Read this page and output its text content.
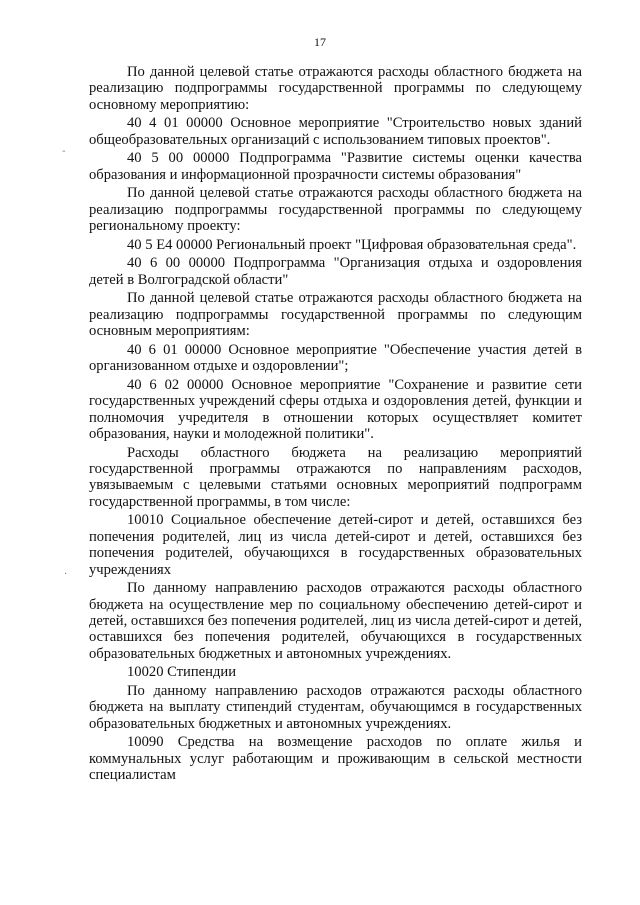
17
-
.

По данной целевой статье отражаются расходы областного бюджета на реализацию подпрограммы государственной программы по следующему основному мероприятию:

40 4 01 00000 Основное мероприятие "Строительство новых зданий общеобразовательных организаций с использованием типовых проектов".

40 5 00 00000 Подпрограмма "Развитие системы оценки качества образования и информационной прозрачности системы образования"

По данной целевой статье отражаются расходы областного бюджета на реализацию подпрограммы государственной программы по следующему региональному проекту:

40 5 Е4 00000 Региональный проект "Цифровая образовательная среда".

40 6 00 00000 Подпрограмма "Организация отдыха и оздоровления детей в Волгоградской области"

По данной целевой статье отражаются расходы областного бюджета на реализацию подпрограммы государственной программы по следующим основным мероприятиям:

40 6 01 00000 Основное мероприятие "Обеспечение участия детей в организованном отдыхе и оздоровлении";

40 6 02 00000 Основное мероприятие "Сохранение и развитие сети государственных учреждений сферы отдыха и оздоровления детей, функции и полномочия учредителя в отношении которых осуществляет комитет образования, науки и молодежной политики".

Расходы областного бюджета на реализацию мероприятий государственной программы отражаются по направлениям расходов, увязываемым с целевыми статьями основных мероприятий подпрограмм государственной программы, в том числе:

10010 Социальное обеспечение детей-сирот и детей, оставшихся без попечения родителей, лиц из числа детей-сирот и детей, оставшихся без попечения родителей, обучающихся в государственных образовательных учреждениях

По данному направлению расходов отражаются расходы областного бюджета на осуществление мер по социальному обеспечению детей-сирот и детей, оставшихся без попечения родителей, лиц из числа детей-сирот и детей, оставшихся без попечения родителей, обучающихся в государственных образовательных бюджетных и автономных учреждениях.

10020 Стипендии

По данному направлению расходов отражаются расходы областного бюджета на выплату стипендий студентам, обучающимся в государственных образовательных бюджетных и автономных учреждениях.

10090 Средства на возмещение расходов по оплате жилья и коммунальных услуг работающим и проживающим в сельской местности специалистам
